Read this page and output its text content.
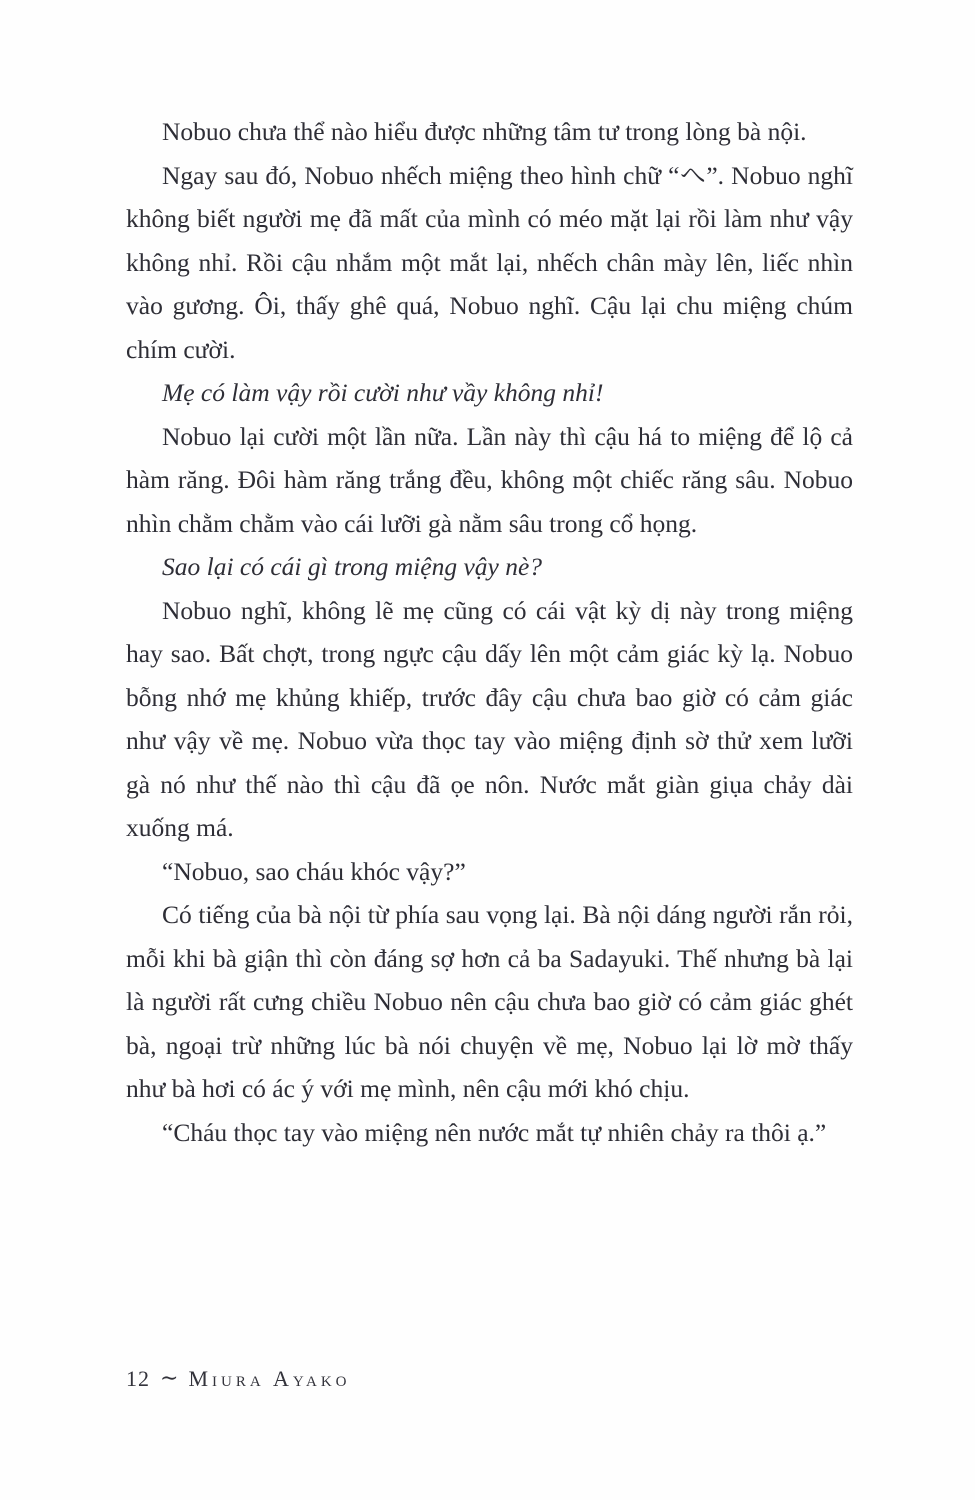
Nobuo chưa thể nào hiểu được những tâm tư trong lòng bà nội.

Ngay sau đó, Nobuo nhếch miệng theo hình chữ “へ”. Nobuo nghĩ không biết người mẹ đã mất của mình có méo mặt lại rồi làm như vậy không nhỉ. Rồi cậu nhắm một mắt lại, nhếch chân mày lên, liếc nhìn vào gương. Ôi, thấy ghê quá, Nobuo nghĩ. Cậu lại chu miệng chúm chím cười.

Mẹ có làm vậy rồi cười như vầy không nhỉ!

Nobuo lại cười một lần nữa. Lần này thì cậu há to miệng để lộ cả hàm răng. Đôi hàm răng trắng đều, không một chiếc răng sâu. Nobuo nhìn chằm chằm vào cái lưỡi gà nằm sâu trong cổ họng.

Sao lại có cái gì trong miệng vậy nè?

Nobuo nghĩ, không lẽ mẹ cũng có cái vật kỳ dị này trong miệng hay sao. Bất chợt, trong ngực cậu dấy lên một cảm giác kỳ lạ. Nobuo bỗng nhớ mẹ khủng khiếp, trước đây cậu chưa bao giờ có cảm giác như vậy về mẹ. Nobuo vừa thọc tay vào miệng định sờ thử xem lưỡi gà nó như thế nào thì cậu đã ọe nôn. Nước mắt giàn giụa chảy dài xuống má.

“Nobuo, sao cháu khóc vậy?”

Có tiếng của bà nội từ phía sau vọng lại. Bà nội dáng người rắn rỏi, mỗi khi bà giận thì còn đáng sợ hơn cả ba Sadayuki. Thế nhưng bà lại là người rất cưng chiều Nobuo nên cậu chưa bao giờ có cảm giác ghét bà, ngoại trừ những lúc bà nói chuyện về mẹ, Nobuo lại lờ mờ thấy như bà hơi có ác ý với mẹ mình, nên cậu mới khó chịu.

“Cháu thọc tay vào miệng nên nước mắt tự nhiên chảy ra thôi ạ.”

12 ∼ Miura Ayako
